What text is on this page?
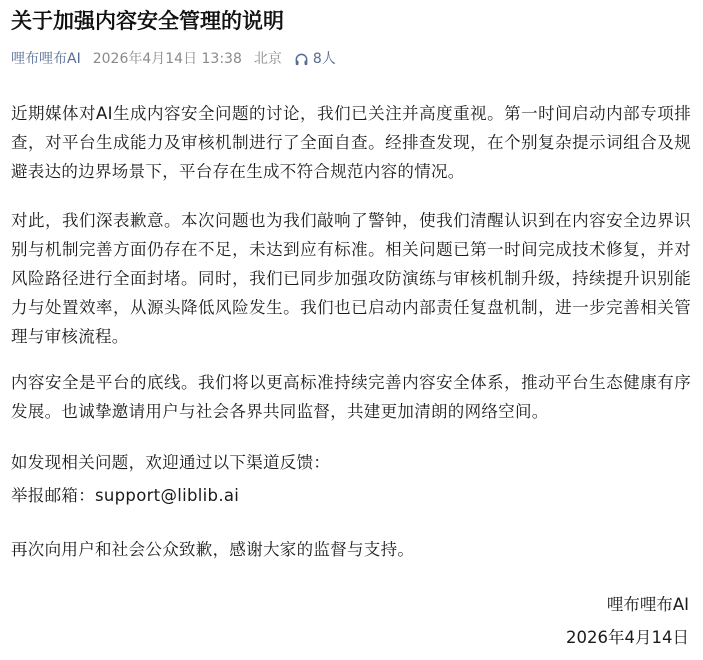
关于加强内容安全管理的说明
哩布哩布AI 2026年4月14日 13:38 北京 8人

近期媒体对AI生成内容安全问题的讨论，我们已关注并高度重视。第一时间启动内部专项排查，对平台生成能力及审核机制进行了全面自查。经排查发现，在个别复杂提示词组合及规避表达的边界场景下，平台存在生成不符合规范内容的情况。

对此，我们深表歉意。本次问题也为我们敲响了警钟，使我们清醒认识到在内容安全边界识别与机制完善方面仍存在不足，未达到应有标准。相关问题已第一时间完成技术修复，并对风险路径进行全面封堵。同时，我们已同步加强攻防演练与审核机制升级，持续提升识别能力与处置效率，从源头降低风险发生。我们也已启动内部责任复盘机制，进一步完善相关管理与审核流程。

内容安全是平台的底线。我们将以更高标准持续完善内容安全体系，推动平台生态健康有序发展。也诚挚邀请用户与社会各界共同监督，共建更加清朗的网络空间。

如发现相关问题，欢迎通过以下渠道反馈：

举报邮箱：support@liblib.ai

再次向用户和社会公众致歉，感谢大家的监督与支持。

哩布哩布AI

2026年4月14日
